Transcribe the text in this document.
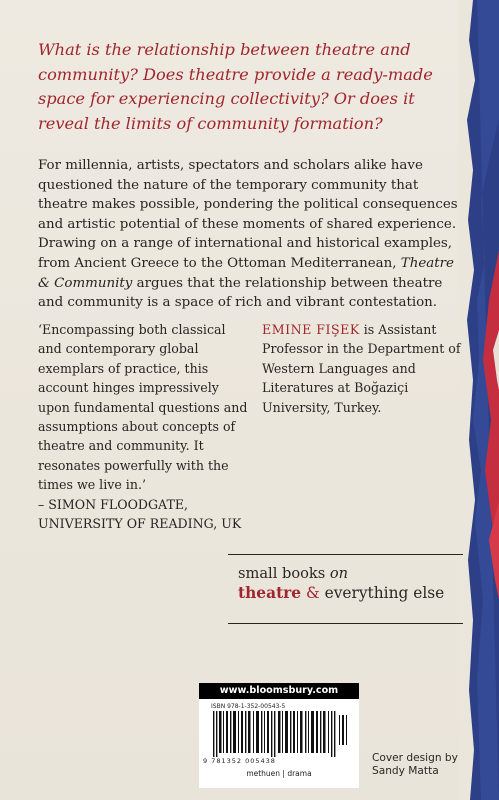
What is the relationship between theatre and community? Does theatre provide a ready-made space for experiencing collectivity? Or does it reveal the limits of community formation?
For millennia, artists, spectators and scholars alike have questioned the nature of the temporary community that theatre makes possible, pondering the political consequences and artistic potential of these moments of shared experience. Drawing on a range of international and historical examples, from Ancient Greece to the Ottoman Mediterranean, Theatre & Community argues that the relationship between theatre and community is a space of rich and vibrant contestation.
‘Encompassing both classical and contemporary global exemplars of practice, this account hinges impressively upon fundamental questions and assumptions about concepts of theatre and community. It resonates powerfully with the times we live in.’
– SIMON FLOODGATE,
UNIVERSITY OF READING, UK
EMINE FIŞEK is Assistant Professor in the Department of Western Languages and Literatures at Boğaziçi University, Turkey.
small books on
theatre & everything else
www.bloomsbury.com
ISBN 978-1-352-00543-5
9 781352 005438
methuen | drama
Cover design by
Sandy Matta
